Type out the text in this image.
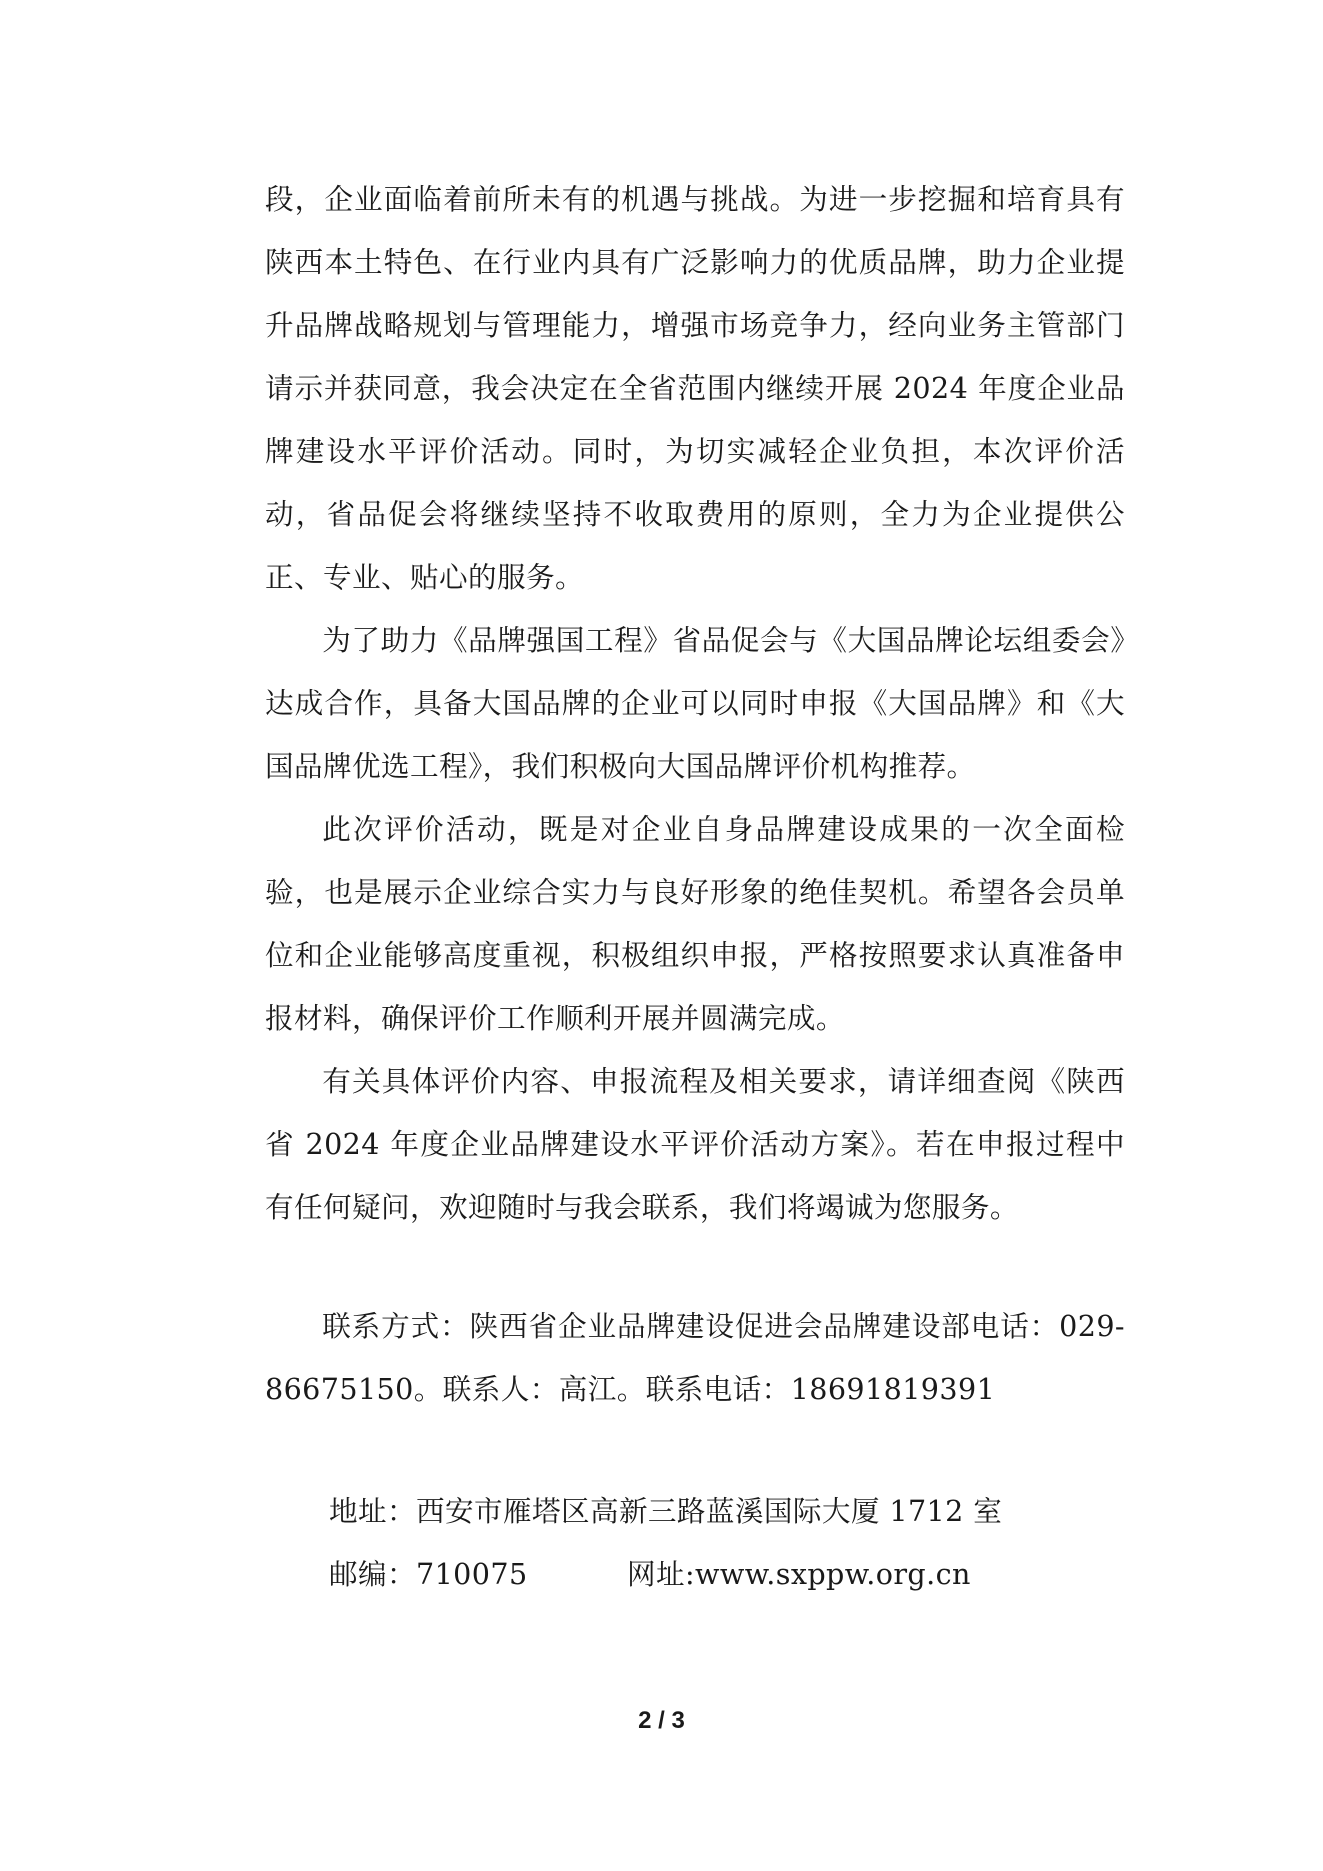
段，企业面临着前所未有的机遇与挑战。为进一步挖掘和培育具有陕西本土特色、在行业内具有广泛影响力的优质品牌，助力企业提升品牌战略规划与管理能力，增强市场竞争力，经向业务主管部门请示并获同意，我会决定在全省范围内继续开展 2024 年度企业品牌建设水平评价活动。同时，为切实减轻企业负担，本次评价活动，省品促会将继续坚持不收取费用的原则，全力为企业提供公正、专业、贴心的服务。

为了助力《品牌强国工程》省品促会与《大国品牌论坛组委会》达成合作，具备大国品牌的企业可以同时申报《大国品牌》和《大国品牌优选工程》，我们积极向大国品牌评价机构推荐。

此次评价活动，既是对企业自身品牌建设成果的一次全面检验，也是展示企业综合实力与良好形象的绝佳契机。希望各会员单位和企业能够高度重视，积极组织申报，严格按照要求认真准备申报材料，确保评价工作顺利开展并圆满完成。

有关具体评价内容、申报流程及相关要求，请详细查阅《陕西省 2024 年度企业品牌建设水平评价活动方案》。若在申报过程中有任何疑问，欢迎随时与我会联系，我们将竭诚为您服务。

联系方式：陕西省企业品牌建设促进会品牌建设部电话：029-86675150。联系人：高江。联系电话：18691819391

地址：西安市雁塔区高新三路蓝溪国际大厦 1712 室
邮编：710075	网址:www.sxppw.org.cn
2 / 3
